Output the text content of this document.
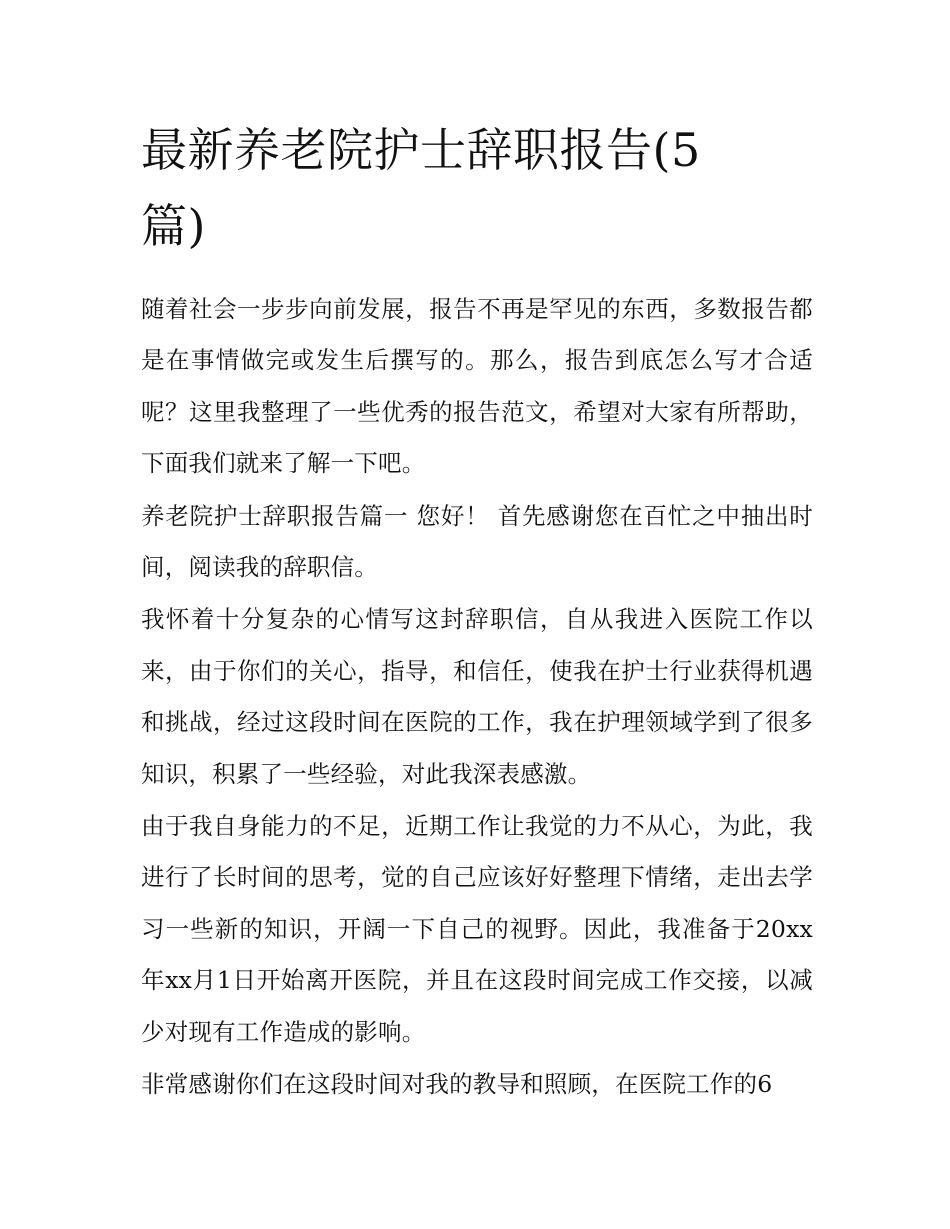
最新养老院护士辞职报告(5篇)

随着社会一步步向前发展，报告不再是罕见的东西，多数报告都是在事情做完或发生后撰写的。那么，报告到底怎么写才合适呢？这里我整理了一些优秀的报告范文，希望对大家有所帮助，下面我们就来了解一下吧。

养老院护士辞职报告篇一 您好！ 首先感谢您在百忙之中抽出时间，阅读我的辞职信。

我怀着十分复杂的心情写这封辞职信，自从我进入医院工作以来，由于你们的关心，指导，和信任，使我在护士行业获得机遇和挑战，经过这段时间在医院的工作，我在护理领域学到了很多知识，积累了一些经验，对此我深表感激。

由于我自身能力的不足，近期工作让我觉的力不从心，为此，我进行了长时间的思考，觉的自己应该好好整理下情绪，走出去学习一些新的知识，开阔一下自己的视野。因此，我准备于20xx年xx月1日开始离开医院，并且在这段时间完成工作交接，以减少对现有工作造成的影响。

非常感谢你们在这段时间对我的教导和照顾，在医院工作的6
